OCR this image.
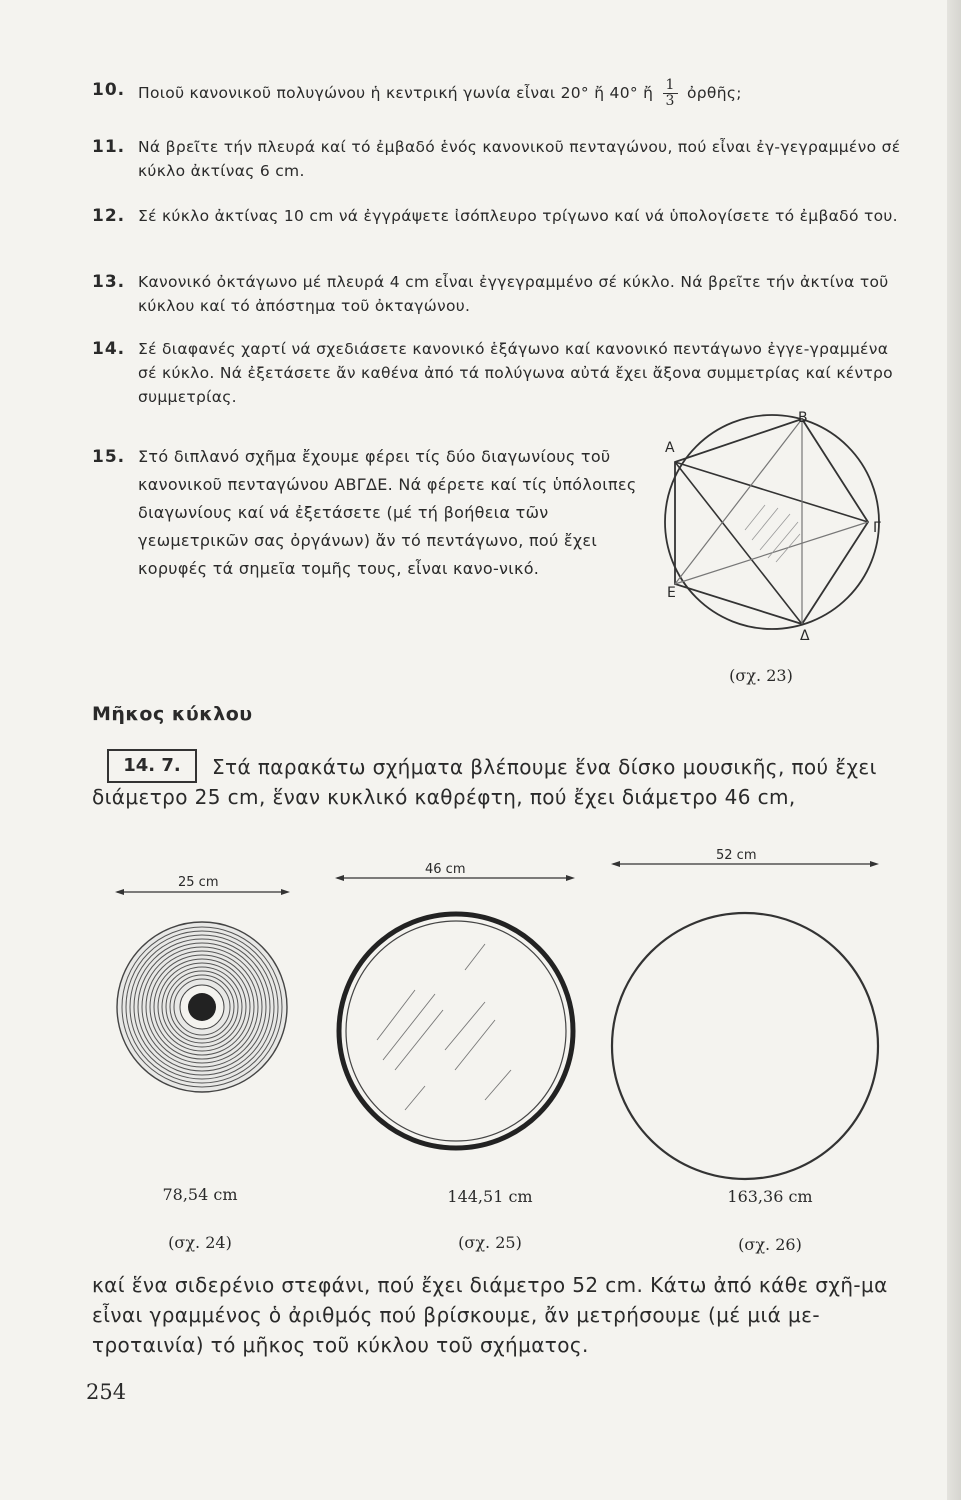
10. Ποιοῦ κανονικοῦ πολυγώνου ἡ κεντρική γωνία εἶναι 20° ἤ 40° ἤ $\frac{1}{3}$ ὀρθῆς;
11. Νά βρεῖτε τήν πλευρά καί τό ἐμβαδό ἑνός κανονικοῦ πενταγώνου, πού εἶναι ἐγ-γεγραμμένο σέ κύκλο ἀκτίνας 6 cm.
12. Σέ κύκλο ἀκτίνας 10 cm νά ἐγγράψετε ἰσόπλευρο τρίγωνο καί νά ὑπολογίσετε τό ἐμβαδό του.
13. Κανονικό ὀκτάγωνο μέ πλευρά 4 cm εἶναι ἐγγεγραμμένο σέ κύκλο. Νά βρεῖτε τήν ἀκτίνα τοῦ κύκλου καί τό ἀπόστημα τοῦ ὀκταγώνου.
14. Σέ διαφανές χαρτί νά σχεδιάσετε κανονικό ἑξάγωνο καί κανονικό πεντάγωνο ἐγγε-γραμμένα σέ κύκλο. Νά ἐξετάσετε ἄν καθένα ἀπό τά πολύγωνα αὐτά ἔχει ἄξονα συμμετρίας καί κέντρο συμμετρίας.
15. Στό διπλανό σχῆμα ἔχουμε φέρει τίς δύο διαγωνίους τοῦ κανονικοῦ πενταγώνου ΑΒΓΔΕ. Νά φέρετε καί τίς ὑπόλοιπες διαγωνίους καί νά ἐξετάσετε (μέ τή βοήθεια τῶν γεωμετρικῶν σας ὀργάνων) ἄν τό πεντάγωνο, πού ἔχει κορυφές τά σημεῖα τομῆς τους, εἶναι κανο-νικό.
Α
Β
Γ
Δ
Ε
(σχ. 23)
Μῆκος κύκλου
14. 7.	Στά παρακάτω σχήματα βλέπουμε ἕνα δίσκο μουσικῆς, πού ἔχει διάμετρο 25 cm, ἕναν κυκλικό καθρέφτη, πού ἔχει διάμετρο 46 cm,
25 cm
46 cm
52 cm
78,54 cm	144,51 cm	163,36 cm
(σχ. 24)	(σχ. 25)	(σχ. 26)
καί ἕνα σιδερένιο στεφάνι, πού ἔχει διάμετρο 52 cm. Κάτω ἀπό κάθε σχῆ-μα εἶναι γραμμένος ὁ ἀριθμός πού βρίσκουμε, ἄν μετρήσουμε (μέ μιά με-τροταινία) τό μῆκος τοῦ κύκλου τοῦ σχήματος.
254
